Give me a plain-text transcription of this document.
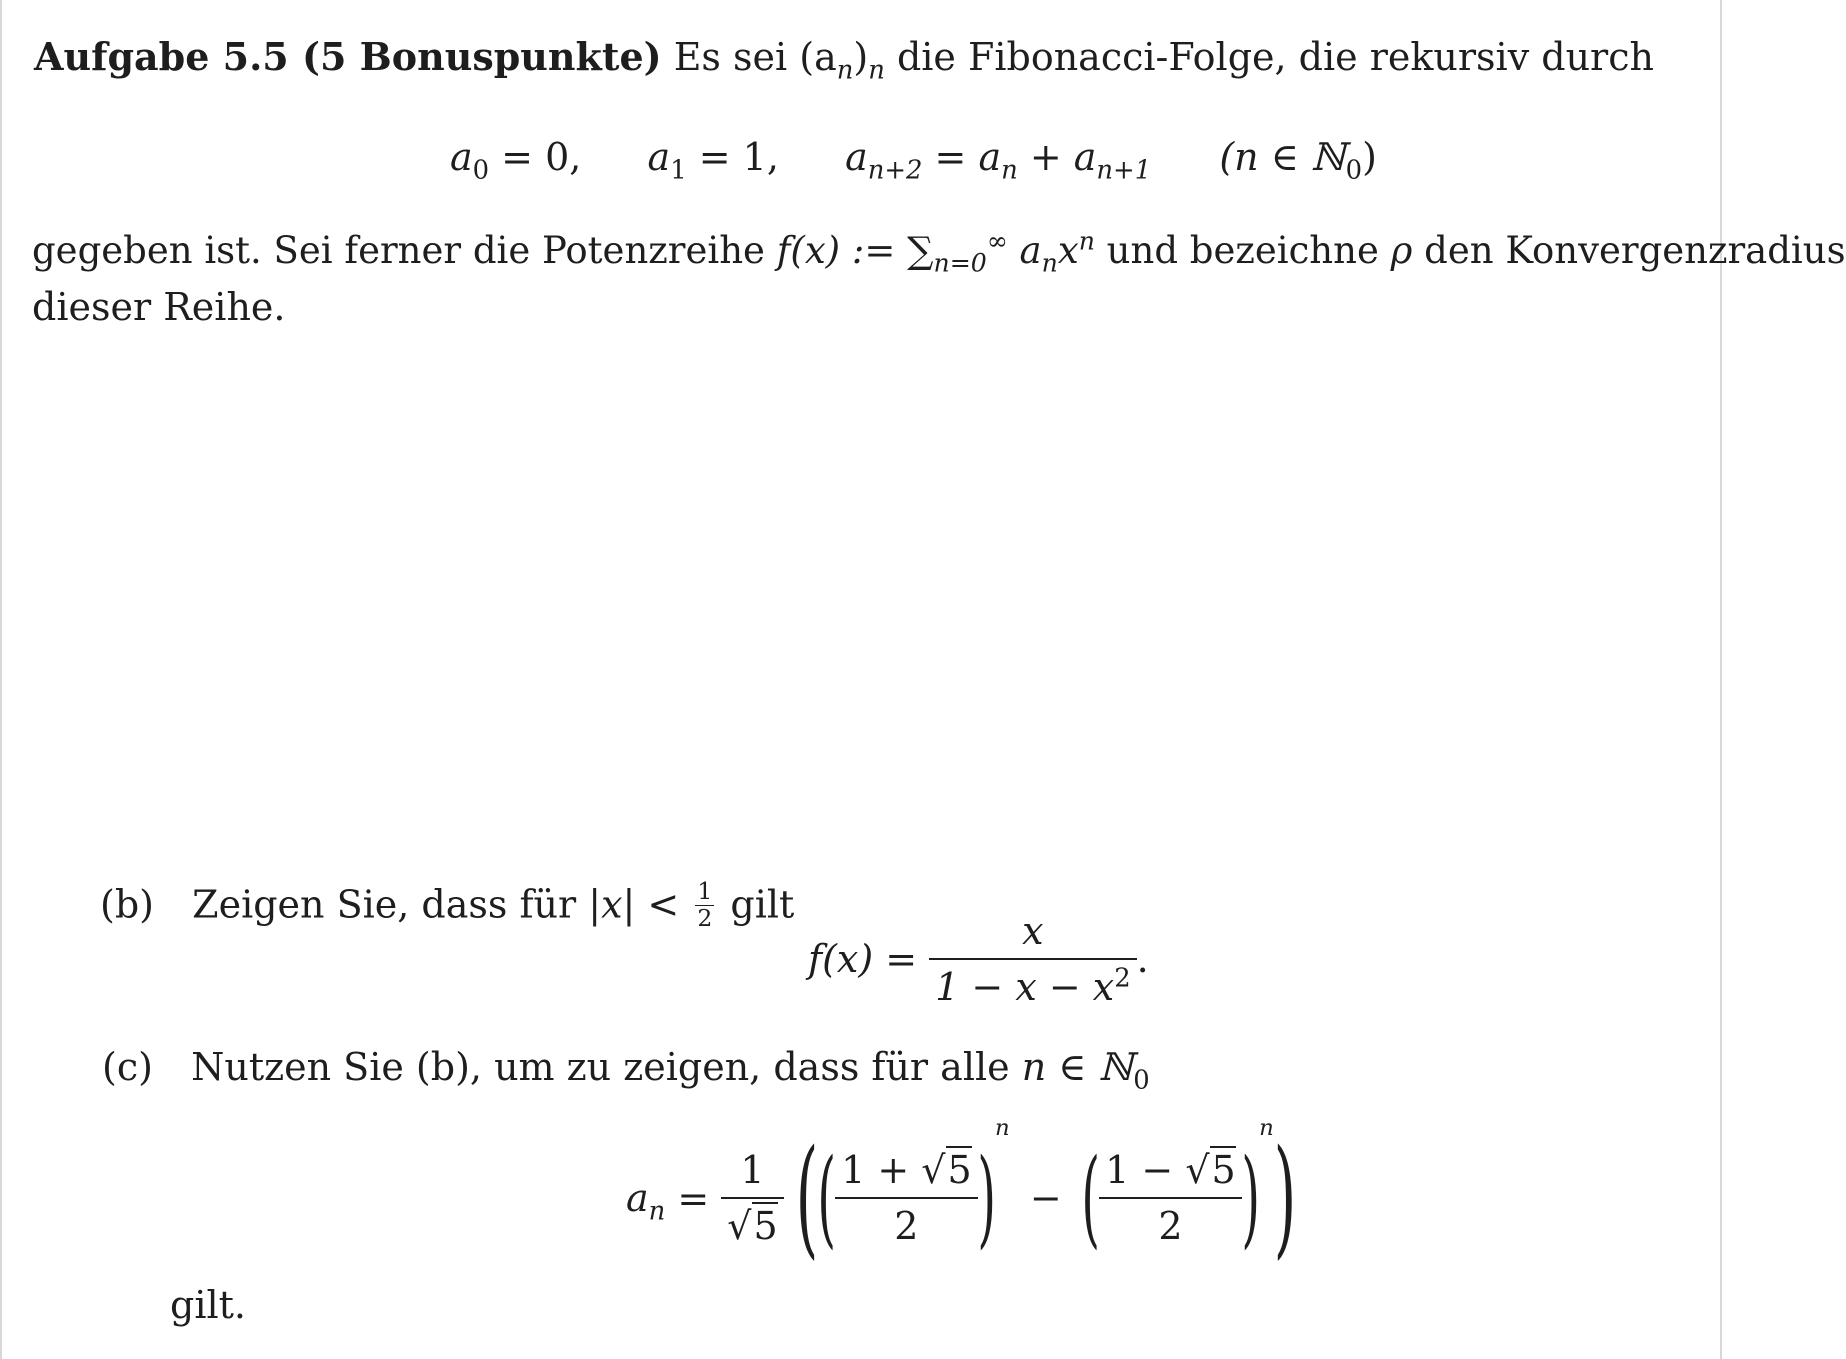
Aufgabe 5.5 (5 Bonuspunkte) Es sei $(a_n)_n$ die Fibonacci-Folge, die rekursiv durch
$a_0 = 0$, $a_1 = 1$, $a_{n+2} = a_n + a_{n+1}$ (n ∈ ℕ$_0$)
gegeben ist. Sei ferner die Potenzreihe f(x) := $\sum_{n=0}^\infty$ $a_nx^n$ und bezeichne ρ den Konvergenzradius
dieser Reihe.
(b) Zeigen Sie, dass für $|x| < \frac{1}{2}$ gilt
$f(x) = \frac{x}{1 - x - x^2}$ .
(c) Nutzen Sie (b), um zu zeigen, dass für alle n ∈ ℕ$_0$
$a_n = \frac{1}{√5}$ (( $\frac{1 + √5}{2} )^n$ − ( $\frac{1 - √5}{2} )^n$)
gilt.
